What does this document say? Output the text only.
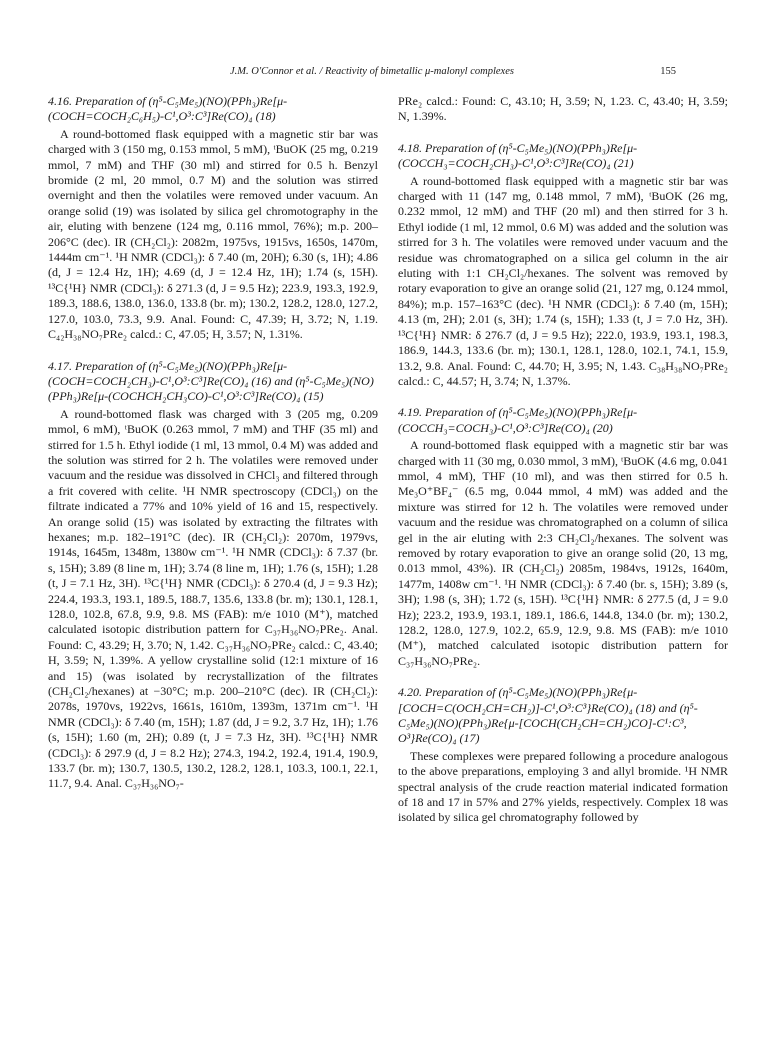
J.M. O'Connor et al. / Reactivity of bimetallic μ-malonyl complexes	155
4.16. Preparation of (η⁵-C₅Me₅)(NO)(PPh₃)Re[μ-(COCH=COCH₂C₆H₅)-C¹,O³:C³]Re(CO)₄ (18)

A round-bottomed flask equipped with a magnetic stir bar was charged with 3 (150 mg, 0.153 mmol, 5 mM), ᵗBuOK (25 mg, 0.219 mmol, 7 mM) and THF (30 ml) and stirred for 0.5 h. Benzyl bromide (2 ml, 20 mmol, 0.7 M) and the solution was stirred overnight and then the volatiles were removed under vacuum. An orange solid (19) was isolated by silica gel chromotography in the air, eluting with benzene (124 mg, 0.116 mmol, 76%); m.p. 200–206°C (dec). IR (CH₂Cl₂): 2082m, 1975vs, 1915vs, 1650s, 1470m, 1444m cm⁻¹. ¹H NMR (CDCl₃): δ 7.40 (m, 20H); 6.30 (s, 1H); 4.86 (d, J = 12.4 Hz, 1H); 4.69 (d, J = 12.4 Hz, 1H); 1.74 (s, 15H). ¹³C{¹H} NMR (CDCl₃): δ 271.3 (d, J = 9.5 Hz); 223.9, 193.3, 192.9, 189.3, 188.6, 138.0, 136.0, 133.8 (br. m); 130.2, 128.2, 128.0, 127.2, 127.0, 103.0, 73.3, 9.9. Anal. Found: C, 47.39; H, 3.72; N, 1.19. C₄₂H₃₈NO₇PRe₂ calcd.: C, 47.05; H, 3.57; N, 1.31%.

4.17. Preparation of (η⁵-C₅Me₅)(NO)(PPh₃)Re[μ-(COCH=COCH₂CH₃)-C¹,O³:C³]Re(CO)₄ (16) and (η⁵-C₅Me₅)(NO)(PPh₃)Re[μ-(COCHCH₂CH₃CO)-C¹,O³:C³]Re(CO)₄ (15)

A round-bottomed flask was charged with 3 (205 mg, 0.209 mmol, 6 mM), ᵗBuOK (0.263 mmol, 7 mM) and THF (35 ml) and stirred for 1.5 h. Ethyl iodide (1 ml, 13 mmol, 0.4 M) was added and the solution was stirred for 2 h. The volatiles were removed under vacuum and the residue was dissolved in CHCl₃ and filtered through a frit covered with celite. ¹H NMR spectroscopy (CDCl₃) on the filtrate indicated a 77% and 10% yield of 16 and 15, respectively. An orange solid (15) was isolated by extracting the filtrates with hexanes; m.p. 182–191°C (dec). IR (CH₂Cl₂): 2070m, 1979vs, 1914s, 1645m, 1348m, 1380w cm⁻¹. ¹H NMR (CDCl₃): δ 7.37 (br. s, 15H); 3.89 (8 line m, 1H); 3.74 (8 line m, 1H); 1.76 (s, 15H); 1.28 (t, J = 7.1 Hz, 3H). ¹³C{¹H} NMR (CDCl₃): δ 270.4 (d, J = 9.3 Hz); 224.4, 193.3, 193.1, 189.5, 188.7, 135.6, 133.8 (br. m); 130.1, 128.1, 128.0, 102.8, 67.8, 9.9, 9.8. MS (FAB): m/e 1010 (M⁺), matched calculated isotopic distribution pattern for C₃₇H₃₆NO₇PRe₂. Anal. Found: C, 43.29; H, 3.70; N, 1.42. C₃₇H₃₆NO₇PRe₂ calcd.: C, 43.40; H, 3.59; N, 1.39%. A yellow crystalline solid (12:1 mixture of 16 and 15) (was isolated by recrystallization of the filtrates (CH₂Cl₂/hexanes) at −30°C; m.p. 200–210°C (dec). IR (CH₂Cl₂): 2078s, 1970vs, 1922vs, 1661s, 1610m, 1393m, 1371m cm⁻¹. ¹H NMR (CDCl₃): δ 7.40 (m, 15H); 1.87 (dd, J = 9.2, 3.7 Hz, 1H); 1.76 (s, 15H); 1.60 (m, 2H); 0.89 (t, J = 7.3 Hz, 3H). ¹³C{¹H} NMR (CDCl₃): δ 297.9 (d, J = 8.2 Hz); 274.3, 194.2, 192.4, 191.4, 190.9, 133.7 (br. m); 130.7, 130.5, 130.2, 128.2, 128.1, 103.3, 100.1, 22.1, 11.7, 9.4. Anal. C₃₇H₃₆NO₇-

PRe₂ calcd.: Found: C, 43.10; H, 3.59; N, 1.23. C, 43.40; H, 3.59; N, 1.39%.

4.18. Preparation of (η⁵-C₅Me₅)(NO)(PPh₃)Re[μ-(COCCH₃=COCH₂CH₃)-C¹,O³:C³]Re(CO)₄ (21)

A round-bottomed flask equipped with a magnetic stir bar was charged with 11 (147 mg, 0.148 mmol, 7 mM), ᵗBuOK (26 mg, 0.232 mmol, 12 mM) and THF (20 ml) and then stirred for 3 h. Ethyl iodide (1 ml, 12 mmol, 0.6 M) was added and the solution was stirred for 3 h. The volatiles were removed under vacuum and the residue was chromatographed on a silica gel column in the air eluting with 1:1 CH₂Cl₂/hexanes. The solvent was removed by rotary evaporation to give an orange solid (21, 127 mg, 0.124 mmol, 84%); m.p. 157–163°C (dec). ¹H NMR (CDCl₃): δ 7.40 (m, 15H); 4.13 (m, 2H); 2.01 (s, 3H); 1.74 (s, 15H); 1.33 (t, J = 7.0 Hz, 3H). ¹³C{¹H} NMR: δ 276.7 (d, J = 9.5 Hz); 222.0, 193.9, 193.1, 198.3, 186.9, 144.3, 133.6 (br. m); 130.1, 128.1, 128.0, 102.1, 74.1, 15.9, 13.2, 9.8. Anal. Found: C, 44.70; H, 3.95; N, 1.43. C₃₈H₃₈NO₇PRe₂ calcd.: C, 44.57; H, 3.74; N, 1.37%.

4.19. Preparation of (η⁵-C₅Me₅)(NO)(PPh₃)Re[μ-(COCCH₃=COCH₃)-C¹,O³:C³]Re(CO)₄ (20)

A round-bottomed flask equipped with a magnetic stir bar was charged with 11 (30 mg, 0.030 mmol, 3 mM), ᵗBuOK (4.6 mg, 0.041 mmol, 4 mM), THF (10 ml), and was then stirred for 0.5 h. Me₃O⁺BF₄⁻ (6.5 mg, 0.044 mmol, 4 mM) was added and the mixture was stirred for 12 h. The volatiles were removed under vacuum and the residue was chromatographed on a column of silica gel in the air eluting with 2:3 CH₂Cl₂/hexanes. The solvent was removed by rotary evaporation to give an orange solid (20, 13 mg, 0.013 mmol, 43%). IR (CH₂Cl₂) 2085m, 1984vs, 1912s, 1640m, 1477m, 1408w cm⁻¹. ¹H NMR (CDCl₃): δ 7.40 (br. s, 15H); 3.89 (s, 3H); 1.98 (s, 3H); 1.72 (s, 15H). ¹³C{¹H} NMR: δ 277.5 (d, J = 9.0 Hz); 223.2, 193.9, 193.1, 189.1, 186.6, 144.8, 134.0 (br. m); 130.2, 128.2, 128.0, 127.9, 102.2, 65.9, 12.9, 9.8. MS (FAB): m/e 1010 (M⁺), matched calculated isotopic distribution pattern for C₃₇H₃₆NO₇PRe₂.

4.20. Preparation of (η⁵-C₅Me₅)(NO)(PPh₃)Re{μ-[COCH=C(OCH₂CH=CH₂)]-C¹,O³:C³}Re(CO)₄ (18) and (η⁵-C₅Me₅)(NO)(PPh₃)Re{μ-[COCH(CH₂CH=CH₂)CO]-C¹:C³, O³}Re(CO)₄ (17)

These complexes were prepared following a procedure analogous to the above preparations, employing 3 and allyl bromide. ¹H NMR spectral analysis of the crude reaction material indicated formation of 18 and 17 in 57% and 27% yields, respectively. Complex 18 was isolated by silica gel chromatography followed by
